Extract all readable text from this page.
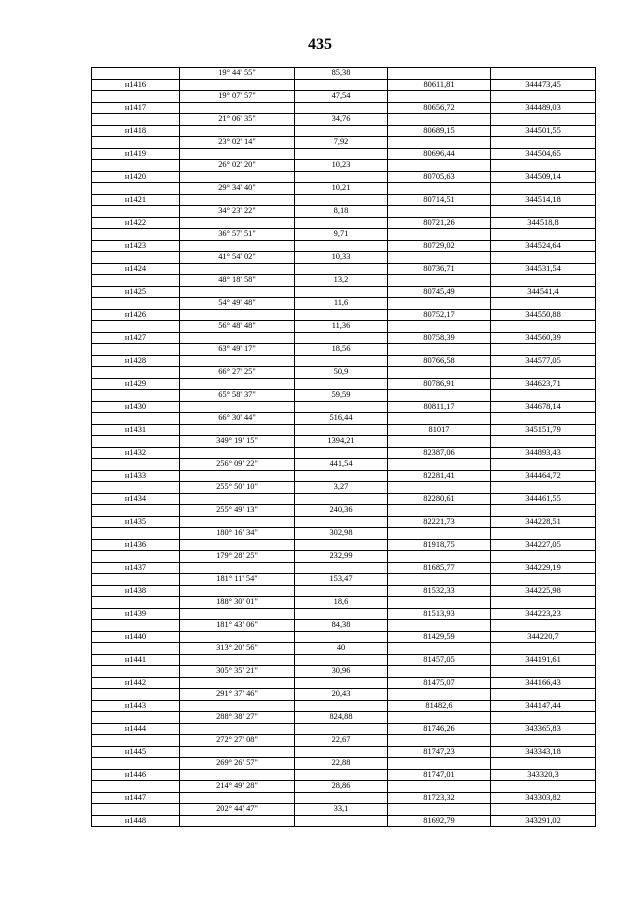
435
	19° 44' 55"	85,38		
н1416			80611,81	344473,45
	19° 07' 57"	47,54		
н1417			80656,72	344489,03
	21° 06' 35"	34,76		
н1418			80689,15	344501,55
	23° 02' 14"	7,92		
н1419			80696,44	344504,65
	26° 02' 20"	10,23		
н1420			80705,63	344509,14
	29° 34' 40"	10,21		
н1421			80714,51	344514,18
	34° 23' 22"	8,18		
н1422			80721,26	344518,8
	36° 57' 51"	9,71		
н1423			80729,02	344524,64
	41° 54' 02"	10,33		
н1424			80736,71	344531,54
	48° 18' 58"	13,2		
н1425			80745,49	344541,4
	54° 49' 48"	11,6		
н1426			80752,17	344550,88
	56° 48' 48"	11,36		
н1427			80758,39	344560,39
	63° 49' 17"	18,56		
н1428			80766,58	344577,05
	66° 27' 25"	50,9		
н1429			80786,91	344623,71
	65° 58' 37"	59,59		
н1430			80811,17	344678,14
	66° 30' 44"	516,44		
н1431			81017	345151,79
	349° 19' 15"	1394,21		
н1432			82387,06	344893,43
	256° 09' 22"	441,54		
н1433			82281,41	344464,72
	255° 50' 10"	3,27		
н1434			82280,61	344461,55
	255° 49' 13"	240,36		
н1435			82221,73	344228,51
	180° 16' 34"	302,98		
н1436			81918,75	344227,05
	179° 28' 25"	232,99		
н1437			81685,77	344229,19
	181° 11' 54"	153,47		
н1438			81532,33	344225,98
	188° 30' 01"	18,6		
н1439			81513,93	344223,23
	181° 43' 06"	84,38		
н1440			81429,59	344220,7
	313° 20' 56"	40		
н1441			81457,05	344191,61
	305° 35' 21"	30,96		
н1442			81475,07	344166,43
	291° 37' 46"	20,43		
н1443			81482,6	344147,44
	288° 38' 27"	824,88		
н1444			81746,26	343365,83
	272° 27' 08"	22,67		
н1445			81747,23	343343,18
	269° 26' 57"	22,88		
н1446			81747,01	343320,3
	214° 49' 28"	28,86		
н1447			81723,32	343303,82
	202° 44' 47"	33,1		
н1448			81692,79	343291,02
